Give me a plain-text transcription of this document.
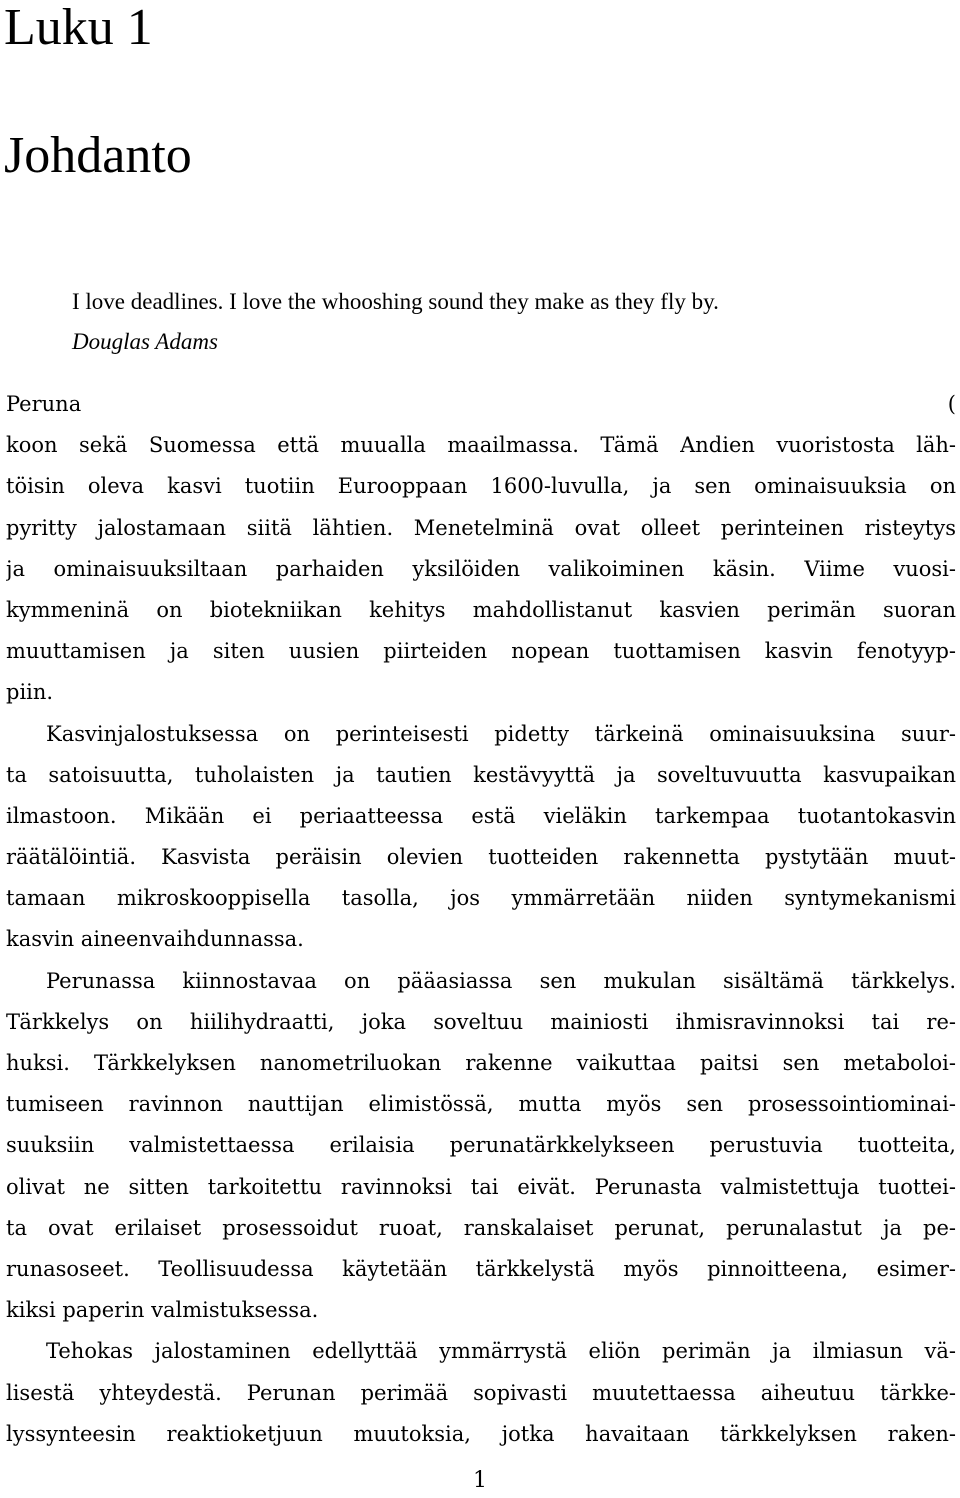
Luku 1
Johdanto

I love deadlines. I love the whooshing sound they make as they fly by.

Douglas Adams

Peruna (
koon sekä Suomessa että muualla maailmassa. Tämä Andien vuoristosta läh-
töisin oleva kasvi tuotiin Eurooppaan 1600-luvulla, ja sen ominaisuuksia on
pyritty jalostamaan siitä lähtien. Menetelminä ovat olleet perinteinen risteytys
ja ominaisuuksiltaan parhaiden yksilöiden valikoiminen käsin. Viime vuosi-
kymmeninä on biotekniikan kehitys mahdollistanut kasvien perimän suoran
muuttamisen ja siten uusien piirteiden nopean tuottamisen kasvin fenotyyp-
piin.
Kasvinjalostuksessa on perinteisesti pidetty tärkeinä ominaisuuksina suur-
ta satoisuutta, tuholaisten ja tautien kestävyyttä ja soveltuvuutta kasvupaikan
ilmastoon. Mikään ei periaatteessa estä vieläkin tarkempaa tuotantokasvin
räätälöintiä. Kasvista peräisin olevien tuotteiden rakennetta pystytään muut-
tamaan mikroskooppisella tasolla, jos ymmärretään niiden syntymekanismi
kasvin aineenvaihdunnassa.
Perunassa kiinnostavaa on pääasiassa sen mukulan sisältämä tärkkelys.
Tärkkelys on hiilihydraatti, joka soveltuu mainiosti ihmisravinnoksi tai re-
huksi. Tärkkelyksen nanometriluokan rakenne vaikuttaa paitsi sen metaboloi-
tumiseen ravinnon nauttijan elimistössä, mutta myös sen prosessointiominai-
suuksiin valmistettaessa erilaisia perunatärkkelykseen perustuvia tuotteita,
olivat ne sitten tarkoitettu ravinnoksi tai eivät. Perunasta valmistettuja tuottei-
ta ovat erilaiset prosessoidut ruoat, ranskalaiset perunat, perunalastut ja pe-
runasoseet. Teollisuudessa käytetään tärkkelystä myös pinnoitteena, esimer-
kiksi paperin valmistuksessa.
Tehokas jalostaminen edellyttää ymmärrystä eliön perimän ja ilmiasun vä-
lisestä yhteydestä. Perunan perimää sopivasti muutettaessa aiheutuu tärkke-
lyssynteesin reaktioketjuun muutoksia, jotka havaitaan tärkkelyksen raken-
1
